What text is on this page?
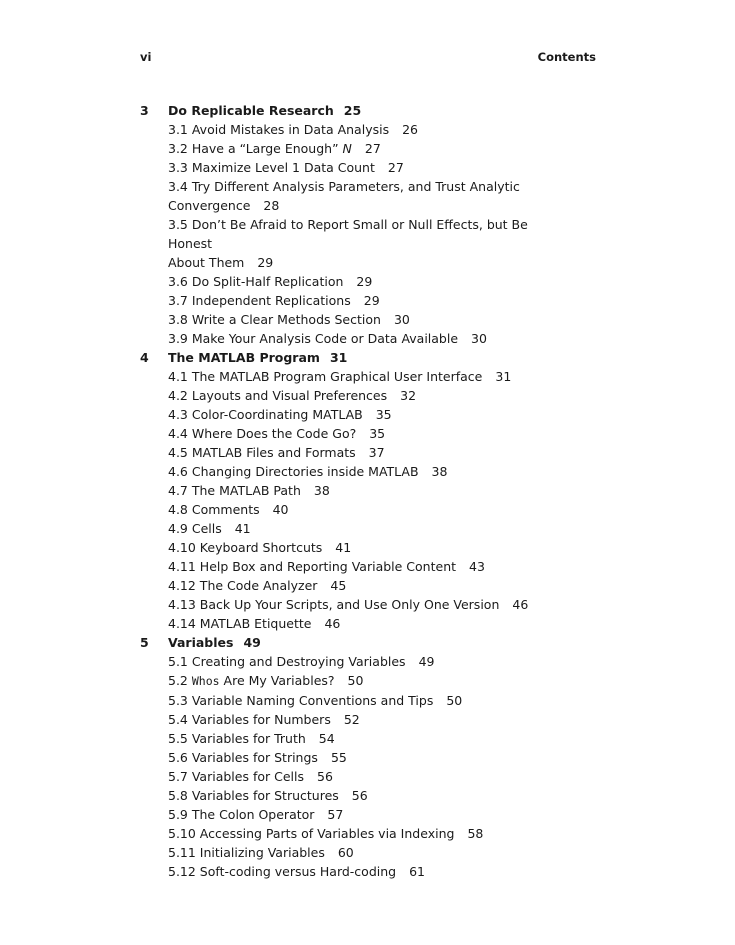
vi	Contents
3 Do Replicable Research 25
3.1 Avoid Mistakes in Data Analysis 26
3.2 Have a “Large Enough” N 27
3.3 Maximize Level 1 Data Count 27
3.4 Try Different Analysis Parameters, and Trust Analytic
Convergence 28
3.5 Don’t Be Afraid to Report Small or Null Effects, but Be Honest
About Them 29
3.6 Do Split-Half Replication 29
3.7 Independent Replications 29
3.8 Write a Clear Methods Section 30
3.9 Make Your Analysis Code or Data Available 30
4 The MATLAB Program 31
4.1 The MATLAB Program Graphical User Interface 31
4.2 Layouts and Visual Preferences 32
4.3 Color-Coordinating MATLAB 35
4.4 Where Does the Code Go? 35
4.5 MATLAB Files and Formats 37
4.6 Changing Directories inside MATLAB 38
4.7 The MATLAB Path 38
4.8 Comments 40
4.9 Cells 41
4.10 Keyboard Shortcuts 41
4.11 Help Box and Reporting Variable Content 43
4.12 The Code Analyzer 45
4.13 Back Up Your Scripts, and Use Only One Version 46
4.14 MATLAB Etiquette 46
5 Variables 49
5.1 Creating and Destroying Variables 49
5.2 Whos Are My Variables? 50
5.3 Variable Naming Conventions and Tips 50
5.4 Variables for Numbers 52
5.5 Variables for Truth 54
5.6 Variables for Strings 55
5.7 Variables for Cells 56
5.8 Variables for Structures 56
5.9 The Colon Operator 57
5.10 Accessing Parts of Variables via Indexing 58
5.11 Initializing Variables 60
5.12 Soft-coding versus Hard-coding 61
